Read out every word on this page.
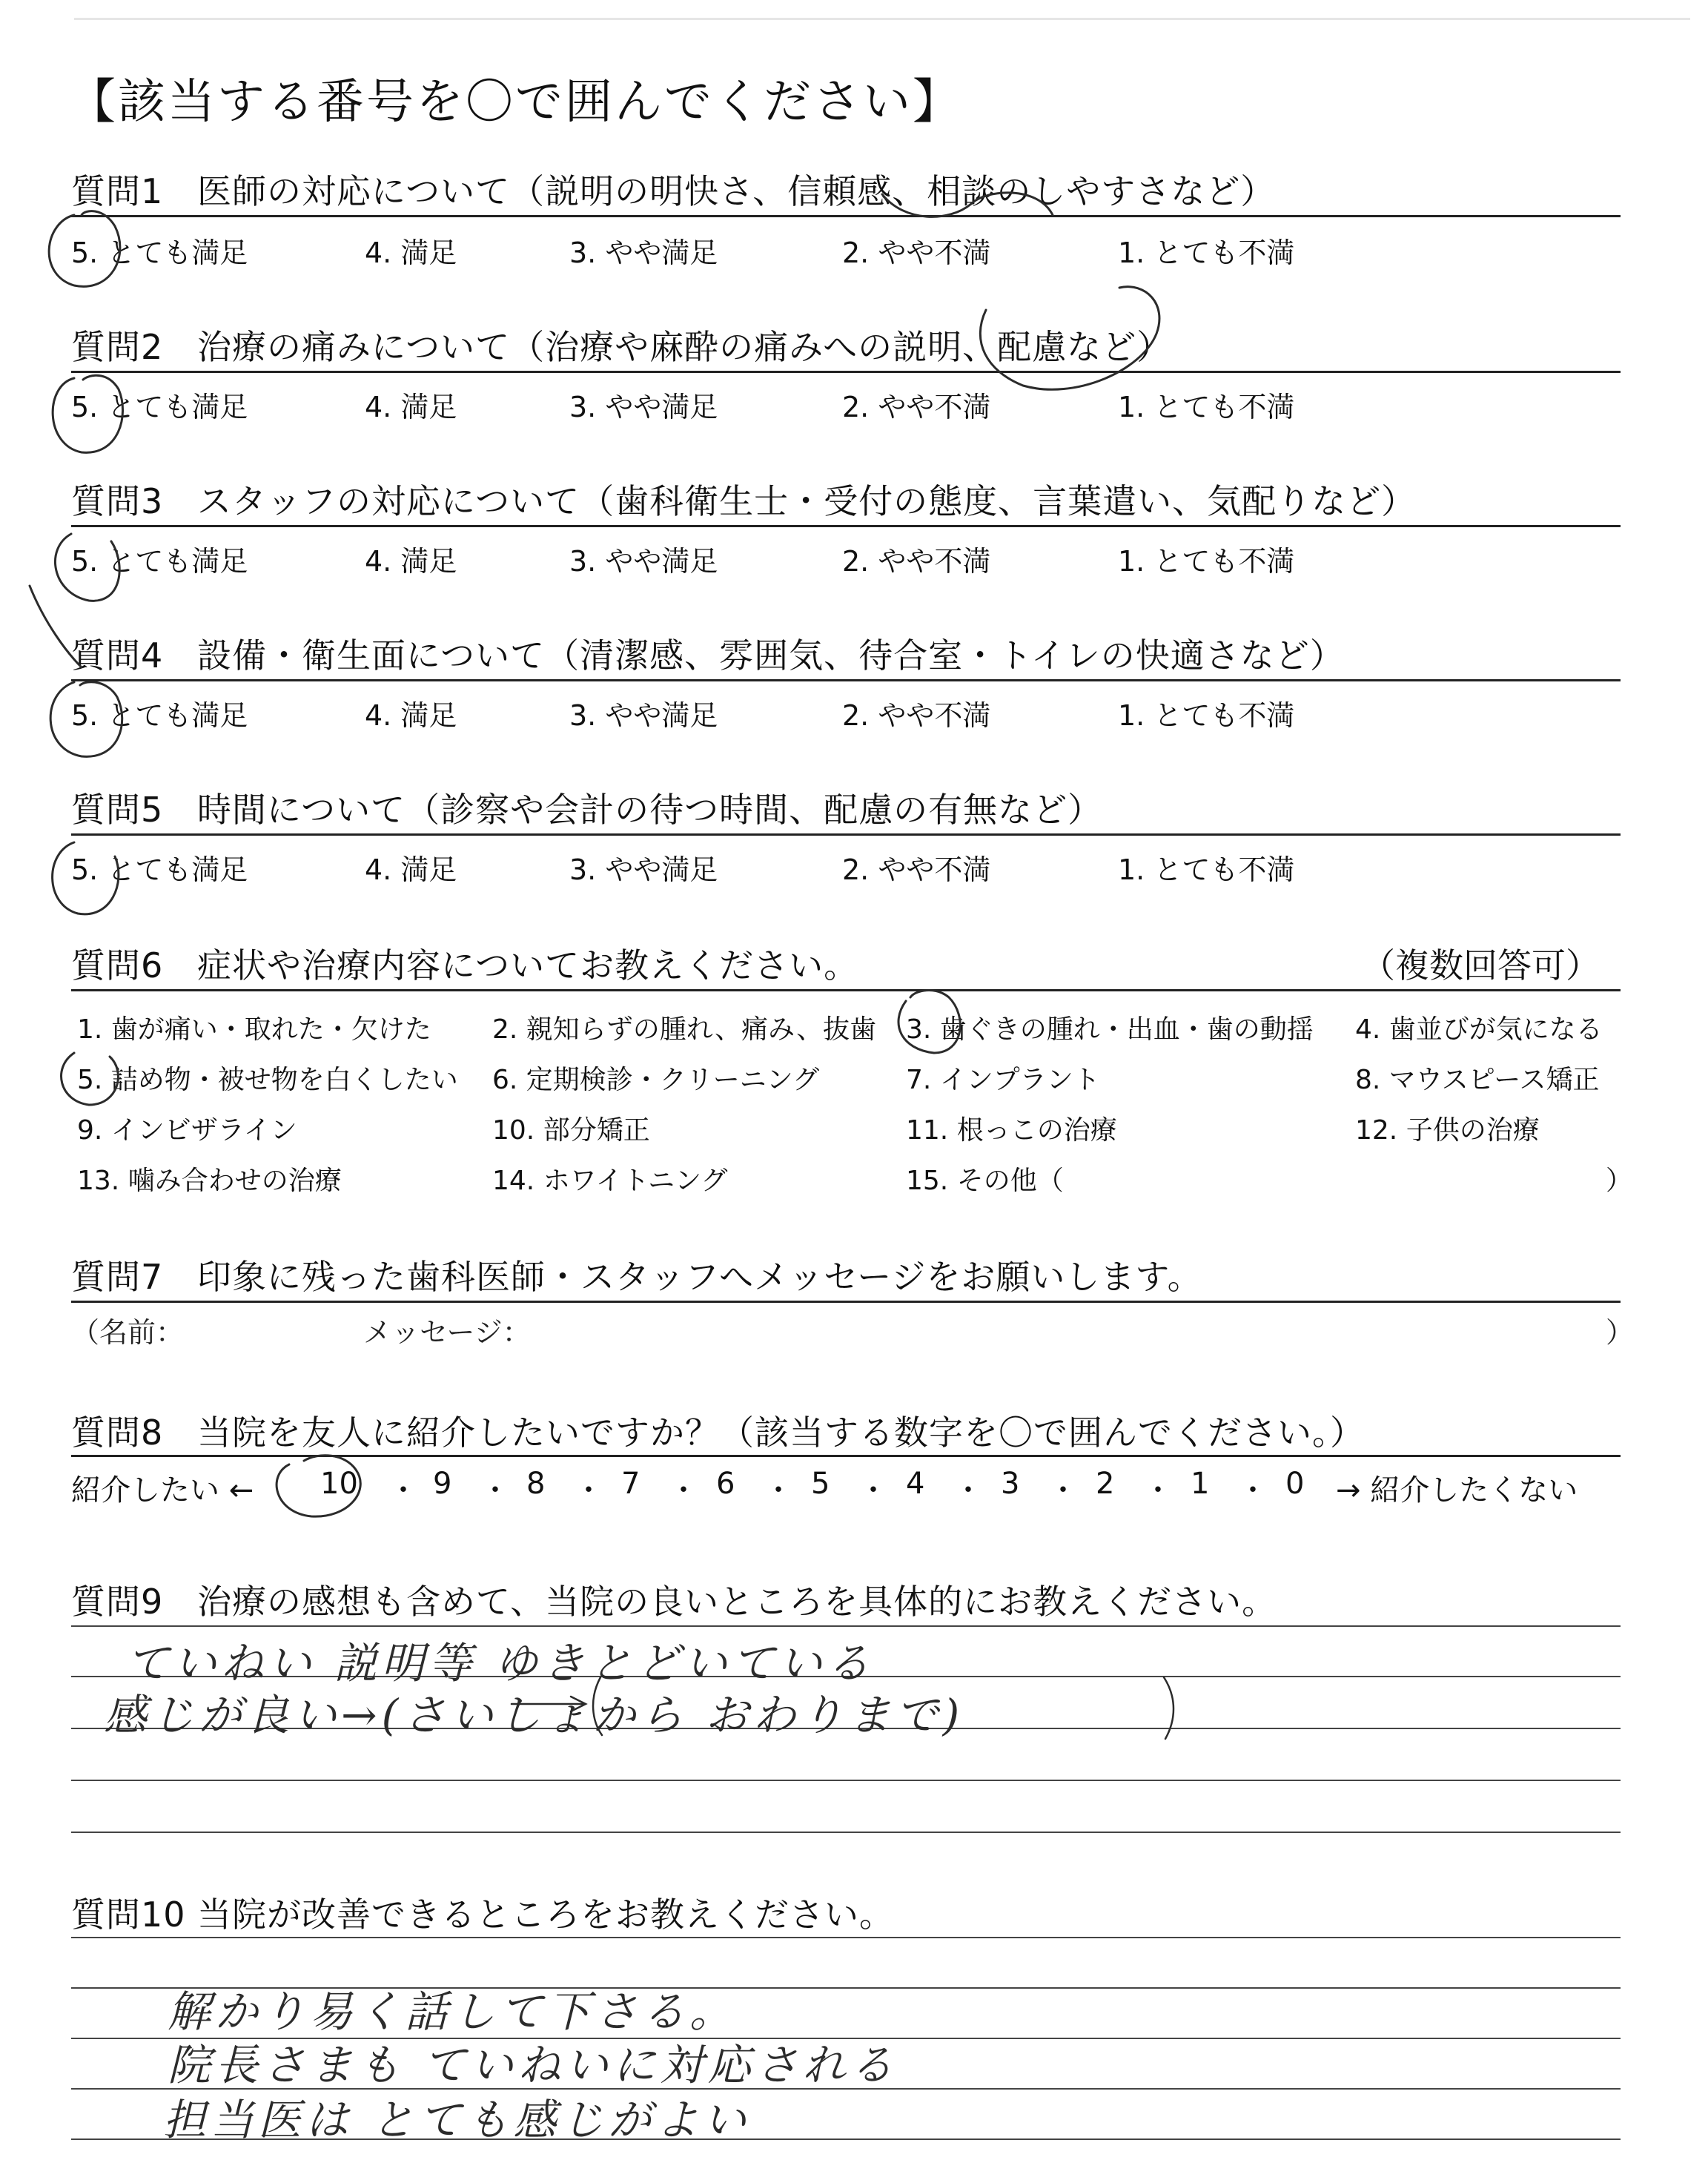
【該当する番号を〇で囲んでください】
質問1 医師の対応について（説明の明快さ、信頼感、相談のしやすさなど）
5. とても満足	4. 満足	3. やや満足	2. やや不満	1. とても不満
質問2 治療の痛みについて（治療や麻酔の痛みへの説明、配慮など）
5. とても満足	4. 満足	3. やや満足	2. やや不満	1. とても不満
質問3 スタッフの対応について（歯科衛生士・受付の態度、言葉遣い、気配りなど）
5. とても満足	4. 満足	3. やや満足	2. やや不満	1. とても不満
質問4 設備・衛生面について（清潔感、雰囲気、待合室・トイレの快適さなど）
5. とても満足	4. 満足	3. やや満足	2. やや不満	1. とても不満
質問5 時間について（診察や会計の待つ時間、配慮の有無など）
5. とても満足	4. 満足	3. やや満足	2. やや不満	1. とても不満
質問6 症状や治療内容についてお教えください。	（複数回答可）
1. 歯が痛い・取れた・欠けた 2. 親知らずの腫れ、痛み、抜歯 3. 歯ぐきの腫れ・出血・歯の動揺 4. 歯並びが気になる
5. 詰め物・被せ物を白くしたい 6. 定期検診・クリーニング	7. インプラント	8. マウスピース矯正
9. インビザライン	10. 部分矯正	11. 根っこの治療	12. 子供の治療
13. 噛み合わせの治療	14. ホワイトニング	15. その他（	）
質問7 印象に残った歯科医師・スタッフへメッセージをお願いします。
（名前：	メッセージ：	）
質問8 当院を友人に紹介したいですか？（該当する数字を〇で囲んでください。）
紹介したい ← 10 ・ 9 ・ 8 ・ 7 ・ 6 ・ 5 ・ 4 ・ 3 ・ 2 ・ 1 ・ 0 → 紹介したくない
質問9 治療の感想も含めて、当院の良いところを具体的にお教えください。
ていねい 説明等 ゆきとどいている
感じが良い→(さいしょから おわりまで)
質問10 当院が改善できるところをお教えください。
解かり易く話して下さる。
院長さまも ていねいに対応される
担当医は とても感じがよい
